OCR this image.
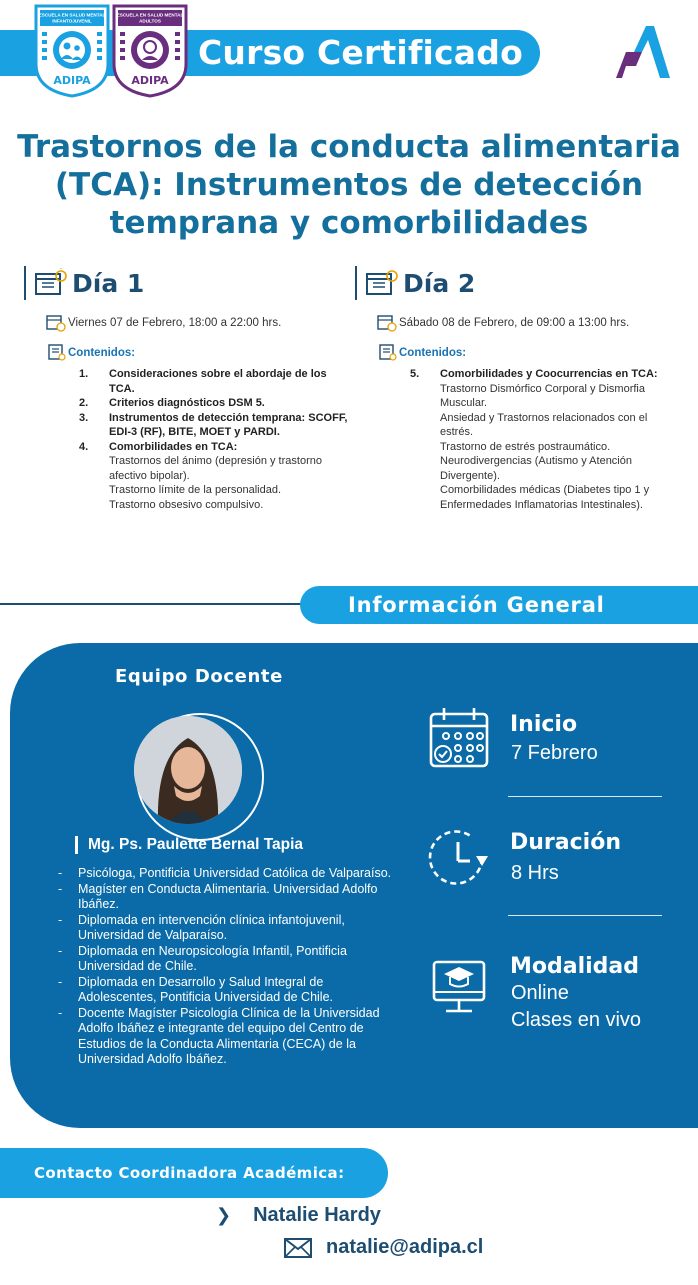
Curso Certificado
ESCUELA EN SALUD MENTAL
INFANTOJUVENIL
ADIPA
ESCUELA EN SALUD MENTAL
ADULTOS
ADIPA
Trastornos de la conducta alimentaria
(TCA): Instrumentos de detección
temprana y comorbilidades
Día 1
Viernes 07 de Febrero, 18:00 a 22:00 hrs.
Contenidos:
1.	Consideraciones sobre el abordaje de los TCA.
2.	Criterios diagnósticos DSM 5.
3.	Instrumentos de detección temprana: SCOFF, EDI-3 (RF), BITE, MOET y PARDI.
4.	Comorbilidades en TCA:
Trastornos del ánimo (depresión y trastorno afectivo bipolar).
Trastorno límite de la personalidad.
Trastorno obsesivo compulsivo.
Día 2
Sábado 08 de Febrero, de 09:00 a 13:00 hrs.
Contenidos:
5.	Comorbilidades y Coocurrencias en TCA:
Trastorno Dismórfico Corporal y Dismorfia Muscular.
Ansiedad y Trastornos relacionados con el estrés.
Trastorno de estrés postraumático.
Neurodivergencias (Autismo y Atención Divergente).
Comorbilidades médicas (Diabetes tipo 1 y Enfermedades Inflamatorias Intestinales).
Información General
Equipo Docente
Mg. Ps. Paulette Bernal Tapia
- Psicóloga, Pontificia Universidad Católica de Valparaíso.
- Magíster en Conducta Alimentaria. Universidad Adolfo Ibáñez.
- Diplomada en intervención clínica infantojuvenil, Universidad de Valparaíso.
- Diplomada en Neuropsicología Infantil, Pontificia Universidad de Chile.
- Diplomada en Desarrollo y Salud Integral de Adolescentes, Pontificia Universidad de Chile.
- Docente Magíster Psicología Clínica de la Universidad Adolfo Ibáñez e integrante del equipo del Centro de Estudios de la Conducta Alimentaria (CECA) de la Universidad Adolfo Ibáñez.
Inicio
7 Febrero
Duración
8 Hrs
Modalidad
Online
Clases en vivo
Contacto Coordinadora Académica:
❯ Natalie Hardy
natalie@adipa.cl
